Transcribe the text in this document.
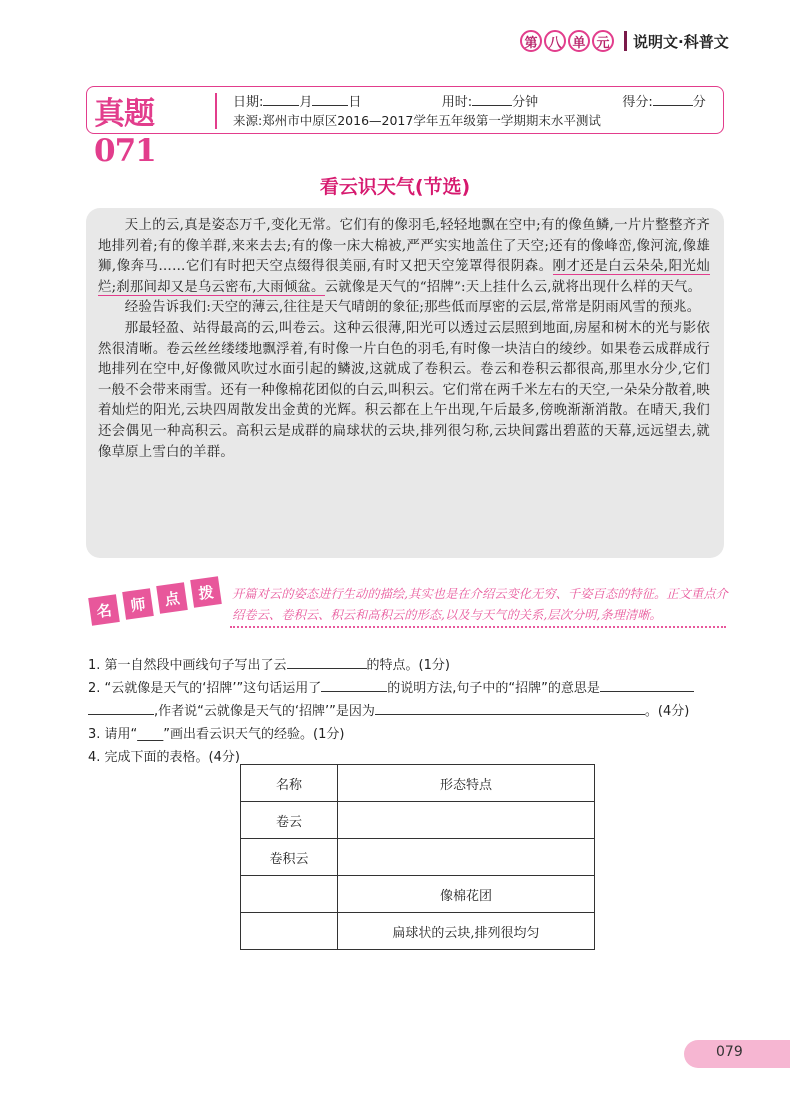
第 八 单 元	说明文·科普文
真题071
日期:	月	日	用时:	分钟	得分:	分
来源:郑州市中原区2016—2017学年五年级第一学期期末水平测试
看云识天气(节选)

天上的云,真是姿态万千,变化无常。它们有的像羽毛,轻轻地飘在空中;有的像鱼鳞,一片片整整齐齐地排列着;有的像羊群,来来去去;有的像一床大棉被,严严实实地盖住了天空;还有的像峰峦,像河流,像雄狮,像奔马……它们有时把天空点缀得很美丽,有时又把天空笼罩得很阴森。刚才还是白云朵朵,阳光灿烂;刹那间却又是乌云密布,大雨倾盆。云就像是天气的“招牌”:天上挂什么云,就将出现什么样的天气。

经验告诉我们:天空的薄云,往往是天气晴朗的象征;那些低而厚密的云层,常常是阴雨风雪的预兆。

那最轻盈、站得最高的云,叫卷云。这种云很薄,阳光可以透过云层照到地面,房屋和树木的光与影依然很清晰。卷云丝丝缕缕地飘浮着,有时像一片白色的羽毛,有时像一块洁白的绫纱。如果卷云成群成行地排列在空中,好像微风吹过水面引起的鳞波,这就成了卷积云。卷云和卷积云都很高,那里水分少,它们一般不会带来雨雪。还有一种像棉花团似的白云,叫积云。它们常在两千米左右的天空,一朵朵分散着,映着灿烂的阳光,云块四周散发出金黄的光辉。积云都在上午出现,午后最多,傍晚渐渐消散。在晴天,我们还会偶见一种高积云。高积云是成群的扁球状的云块,排列很匀称,云块间露出碧蓝的天幕,远远望去,就像草原上雪白的羊群。

名	师	点	拨	开篇对云的姿态进行生动的描绘,其实也是在介绍云变化无穷、千姿百态的特征。正文重点介绍卷云、卷积云、积云和高积云的形态,以及与天气的关系,层次分明,条理清晰。
1. 第一自然段中画线句子写出了云	的特点。(1分)
2. “云就像是天气的‘招牌’”这句话运用了	的说明方法,句子中的“招牌”的意思是
,作者说“云就像是天气的‘招牌’”是因为	。(4分)
3. 请用“____”画出看云识天气的经验。(1分)
4. 完成下面的表格。(4分)
名称	形态特点
卷云	
卷积云	
	像棉花团
	扁球状的云块,排列很均匀
079
